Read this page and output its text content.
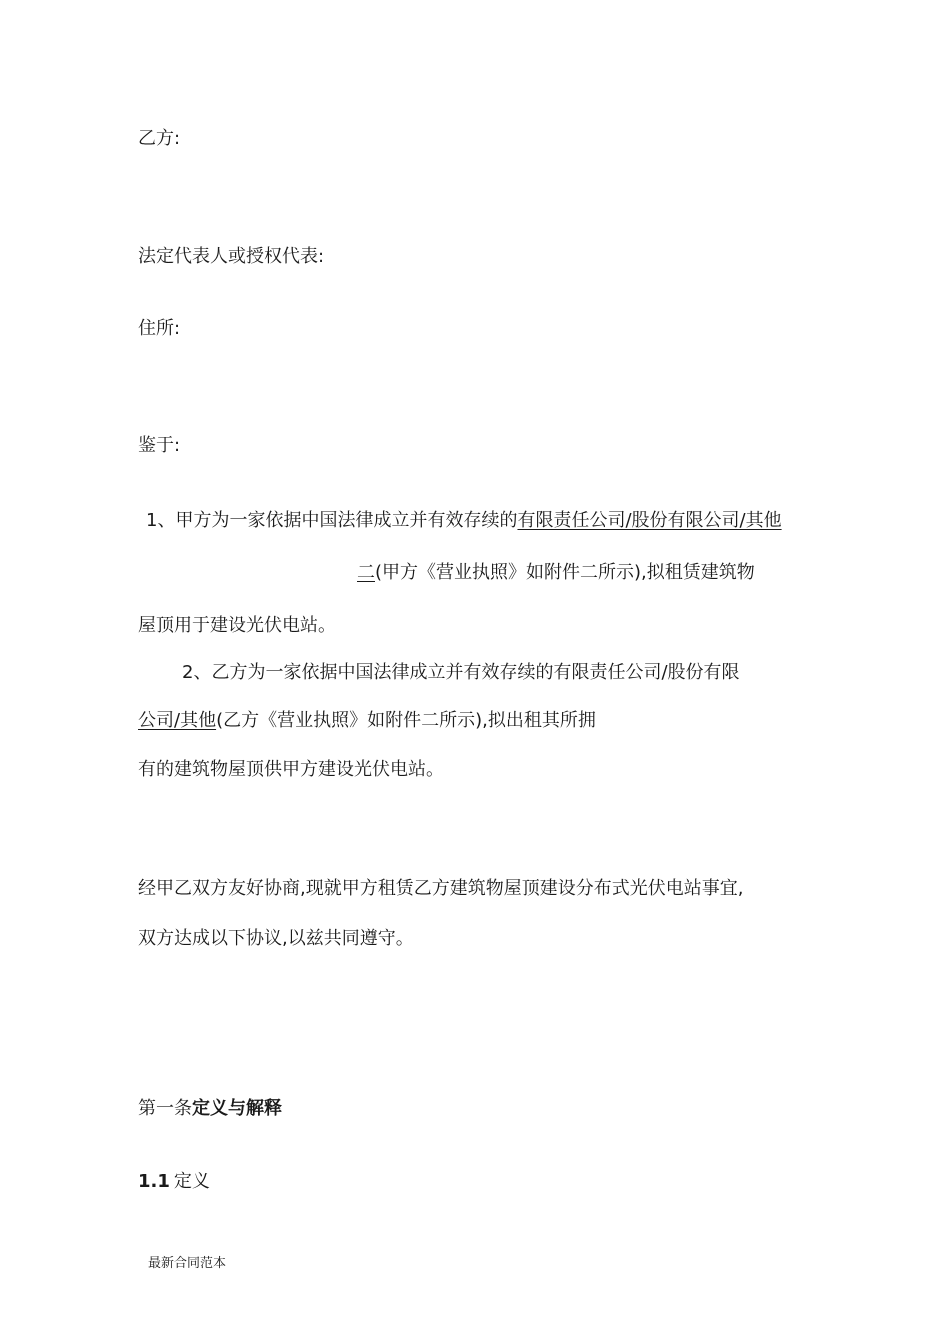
乙方:
法定代表人或授权代表:
住所:
鉴于:
1、甲方为一家依据中国法律成立并有效存续的有限责任公司/股份有限公司/其他
二(甲方《营业执照》如附件二所示),拟租赁建筑物
屋顶用于建设光伏电站。
2、乙方为一家依据中国法律成立并有效存续的有限责任公司/股份有限
公司/其他(乙方《营业执照》如附件二所示),拟出租其所拥
有的建筑物屋顶供甲方建设光伏电站。
经甲乙双方友好协商,现就甲方租赁乙方建筑物屋顶建设分布式光伏电站事宜,
双方达成以下协议,以兹共同遵守。
第一条定义与解释
1.1 定义
最新合同范本
